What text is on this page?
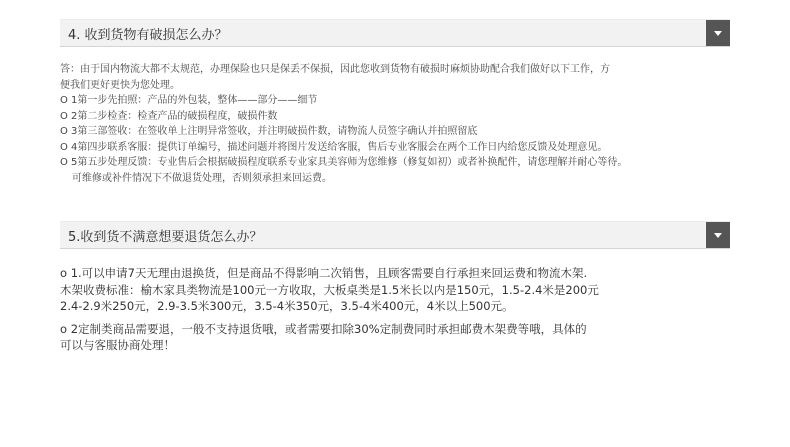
4. 收到货物有破损怎么办？
答：由于国内物流大都不太规范，办理保险也只是保丢不保损，因此您收到货物有破损时麻烦协助配合我们做好以下工作，方
便我们更好更快为您处理。
O 1第一步先拍照：产品的外包装，整体——部分——细节
O 2第二步检查：检查产品的破损程度，破损件数
O 3第三部签收：在签收单上注明异常签收，并注明破损件数，请物流人员签字确认并拍照留底
O 4第四步联系客服：提供订单编号，描述问题并将图片发送给客服，售后专业客服会在两个工作日内给您反馈及处理意见。
O 5第五步处理反馈：专业售后会根据破损程度联系专业家具美容师为您维修（修复如初）或者补换配件，请您理解并耐心等待。
可维修或补件情况下不做退货处理，否则须承担来回运费。
5.收到货不满意想要退货怎么办？
o 1.可以申请7天无理由退换货，但是商品不得影响二次销售，且顾客需要自行承担来回运费和物流木架.
木架收费标准：榆木家具类物流是100元一方收取，大板桌类是1.5米长以内是150元，1.5-2.4米是200元
2.4-2.9米250元，2.9-3.5米300元，3.5-4米350元，3.5-4米400元，4米以上500元。
o 2定制类商品需要退，一般不支持退货哦，或者需要扣除30%定制费同时承担邮费木架费等哦，具体的
可以与客服协商处理！
